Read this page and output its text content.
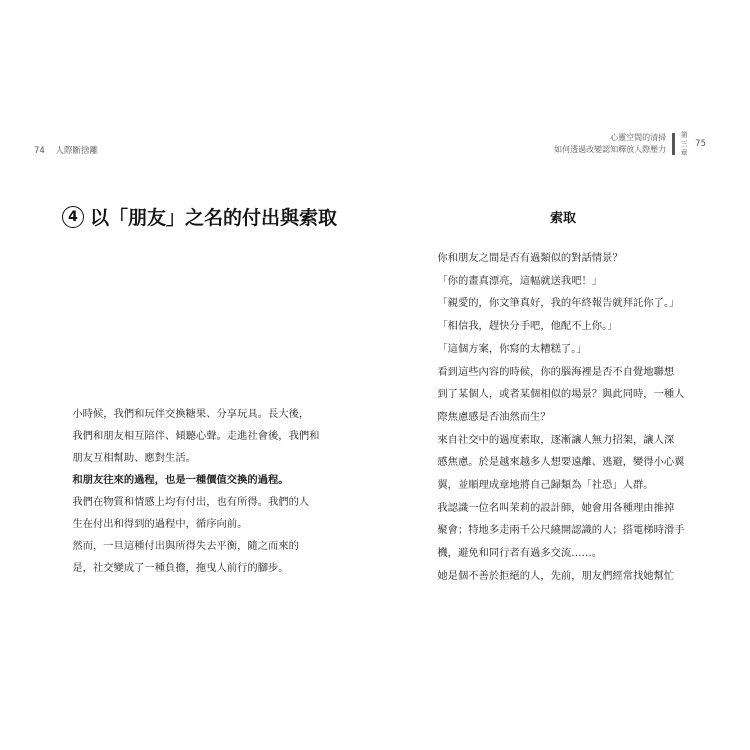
74 人際斷捨離
心靈空間的清掃
如何透過改變認知釋放人際壓力
第三章
75
4 以「朋友」之名的付出與索取
小時候，我們和玩伴交換糖果、分享玩具。長大後，
我們和朋友相互陪伴、傾聽心聲。走進社會後，我們和
朋友互相幫助、應對生活。
和朋友往來的過程，也是一種價值交換的過程。
我們在物質和情感上均有付出，也有所得。我們的人
生在付出和得到的過程中，循序向前。
然而，一旦這種付出與所得失去平衡，隨之而來的
是，社交變成了一種負擔，拖曳人前行的腳步。
索取
你和朋友之間是否有過類似的對話情景？
「你的畫真漂亮，這幅就送我吧！」
「親愛的，你文筆真好，我的年終報告就拜託你了。」
「相信我，趕快分手吧，他配不上你。」
「這個方案，你寫的太糟糕了。」
看到這些內容的時候，你的腦海裡是否不自覺地聯想
到了某個人，或者某個相似的場景？與此同時，一種人
際焦慮感是否油然而生？
來自社交中的過度索取，逐漸讓人無力招架，讓人深
感焦慮。於是越來越多人想要遠離、逃避，變得小心翼
翼，並順理成章地將自己歸類為「社恐」人群。
我認識一位名叫茉莉的設計師，她會用各種理由推掉
聚會；特地多走兩千公尺繞開認識的人；搭電梯時滑手
機，避免和同行者有過多交流……。
她是個不善於拒絕的人，先前，朋友們經常找她幫忙
